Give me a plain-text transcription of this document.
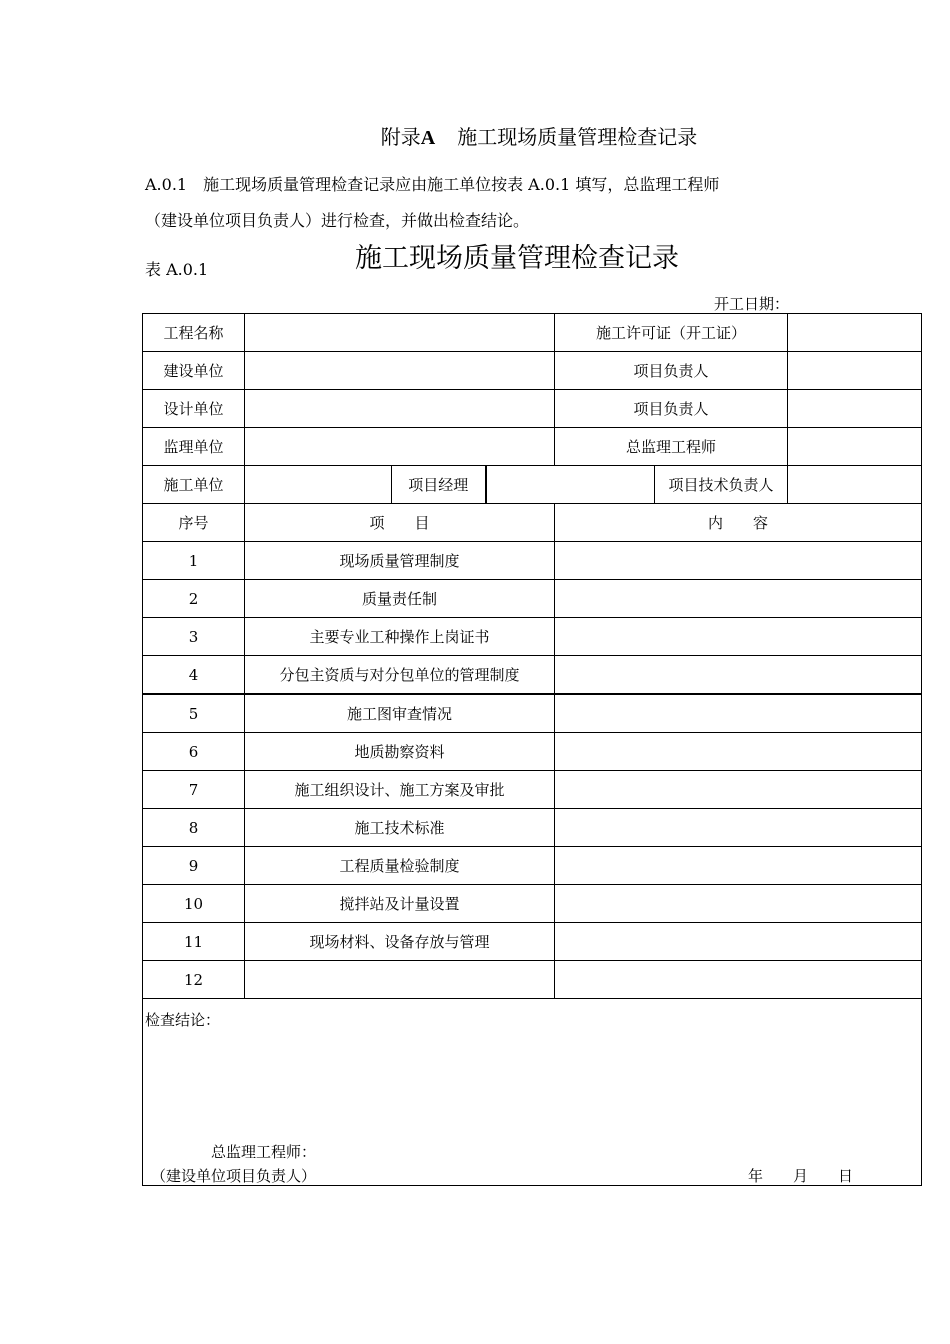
附录A 施工现场质量管理检查记录
A.0.1　施工现场质量管理检查记录应由施工单位按表 A.0.1 填写，总监理工程师
（建设单位项目负责人）进行检查，并做出检查结论。
表 A.0.1	施工现场质量管理检查记录
开工日期：
工程名称				施工许可证（开工证）		
建设单位				项目负责人		
设计单位				项目负责人		
监理单位				总监理工程师		
施工单位		项目经理			项目技术负责人	
序号	项　　目			内　　容		
1	现场质量管理制度					
2	质量责任制					
3	主要专业工种操作上岗证书					
4	分包主资质与对分包单位的管理制度					
5	施工图审查情况					
6	地质勘察资料					
7	施工组织设计、施工方案及审批					
8	施工技术标准					
9	工程质量检验制度					
10	搅拌站及计量设置					
11	现场材料、设备存放与管理					
12						

检查结论：
总监理工程师：
（建设单位项目负责人） 年　　月　　日						
